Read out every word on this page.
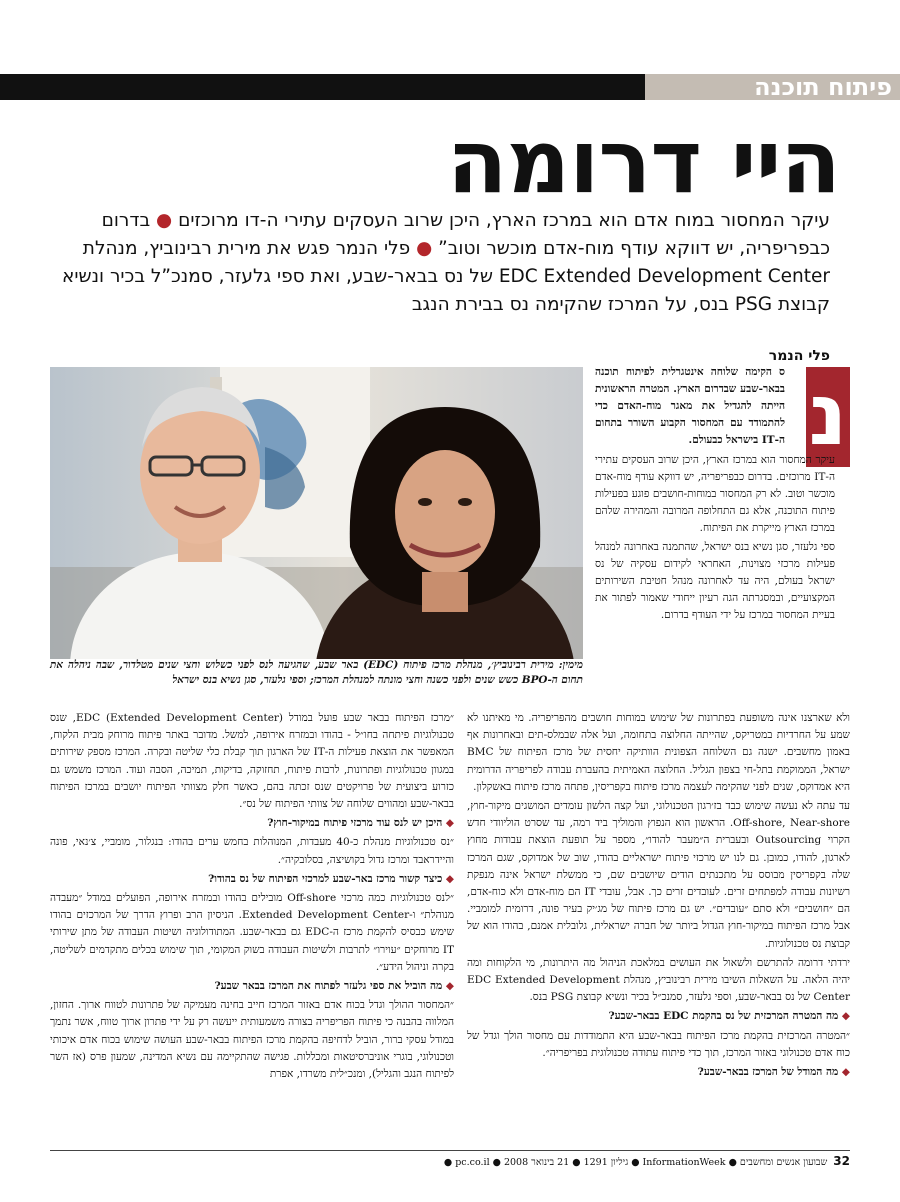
פיתוח תוכנה
היי דרומה
עיקר המחסור במוח אדם הוא במרכז הארץ, היכן שרוב העסקים עתירי ה-דו מרוכזים ● בדרום כבפריפריה, יש דווקא עודף מוח-אדם מוכשר וטוב” ● פלי הנמר פגש את מירית רבינוביץ, מנהלת EDC Extended Development Center של נס בבאר-שבע, ואת ספי גלעזר, סמנכ”ל בכיר ונשיא קבוצת PSG בנס, על המרכז שהקימה נס בבירת הנגב
פלי הנמר
מימין: מירית רבינוביץ׳, מנהלת מרכז פיתוח (EDC) באר שבע, שהגיעה לנס לפני כשלוש וחצי שנים מטלדור, שבה ניהלה את תחום ה-BPO כשש שנים ולפני כשנה וחצי מונתה למנהלת המרכז; וספי גלעזר, סגן נשיא בנס ישראל
נ

ס הקימה שלוחה אינטגרלית לפיתוח תוכנה בבאר-שבע שבדרום הארץ. המטרה הראשונית הייתה להגדיל את מאגר מוח-האדם כדי להתמודד עם המחסור הקבוע השורר בתחום ה-IT בישראל כבעולם.

עיקר המחסור הוא במרכז הארץ, היכן שרוב העסקים עתירי ה-IT מרוכזים. בדרום כבפריפריה, יש דווקא עודף מוח-אדם מוכשר וטוב. לא רק המחסור במוחות-חושבים פוגע בפעילות פיתוח התוכנה, אלא גם התחלופה המרובה והמהירה שלהם במרכז הארץ מייקרת את הפיתוח.

ספי גלעזר, סגן נשיא בנס ישראל, שהתמנה באחרונה למנהל פעילות מרכזי מצוינות, האחראי לקידום עסקיה של נס ישראל בעולם, היה עד לאחרונה מנהל חטיבת השירותים המקצועיים, ובמסגרתה הגה רעיון ייחודי שאמור לפתור את בעיית המחסור במרכז על ידי העודף בדרום.

ולא שארצנו אינה משופעת בפתרונות של שימוש במוחות חושבים מהפריפריה. מי מאיתנו לא שמע על החרדיות במטריקס, שהייתה החלוצה בתחומה, ועל אלה שבמלס-תים ובאחרונות אף באמון מחשבים. ישנה גם השלוחה הצפונית הוותיקה יחסית של מרכז הפיתוח של BMC ישראל, הממוקמת בתל-חי בצפון הגליל. החלוצה האמיתית בהעברת עבודה לפריפריה הדרומית היא אמדוקס, שנים לפני שהקימה לעצמה מרכז פיתוח בקפריסין, פתחה מרכז פיתוח באשקלון.

עד עתה לא נעשה שימוש כבד בז׳רגון הטכנולוגי, ועל קצה הלשון עומדים המושגים מיקור-חוץ, Off-shore, Near-shore. הראשון הוא הנפוץ והמוליך ביד רמה, עד שסרט הוליוודי חדש הקרוי Outsourcing ובעברית ה״מעבר להודו״, מספר על תופעת הוצאת עבודות מחוץ לארגון, להודו, כמובן. גם לנו יש מרכזי פיתוח ישראליים בהודו, שוב של אמדוקס, שגם המרכז שלה בקפריסין מבוסס על מתכנתים הודים שיושבים שם, כי ממשלת ישראל אינה מנפקת רשיונות עבודה למפתחים זרים. לעובדים זרים כך. אבל, עובדי IT הם מוח-אדם ולא כוח-אדם, הם ״חושבים״ ולא סתם ״עובדים״. יש גם מרכז פיתוח של מג׳יק בעיר פונה, דרומית למומביי. אבל מרכז הפיתוח במיקור-חוץ הגדול ביותר של חברה ישראלית, גלובלית אמנם, בהודו הוא של קבוצת נס טכנולוגיות.

ירדתי דרומה להתרשם ולשאול את העושים במלאכת הניהול מה היתרונות, מי הלקוחות ומה יהיה הלאה. על השאלות השיבו מירית רבינוביץ, מנהלת EDC Extended Development Center של נס בבאר-שבע, וספי גלעזר, סמנכ״ל בכיר ונשיא קבוצת PSG בנס.

◆ מה המטרה המרכזית של נס בהקמת EDC בבאר-שבע?

״המטרה המרכזית בהקמת מרכז הפיתוח בבאר-שבע היא התמודדות עם מחסור הולך וגדל של כוח אדם טכנולוגי באזור המרכז, תוך כדי פיתוח עתודה טכנולוגית בפריפריה״.

◆ מה המודל של המרכז בבאר-שבע?

״מרכז הפיתוח בבאר שבע פועל במודל EDC (Extended Development Center), שנס טכנולוגיות פיתחה בחו״ל - בהודו ובמזרח אירופה, למשל. מדובר באתר פיתוח מרוחק מבית הלקוח, המאפשר את הוצאת פעילות ה-IT של הארגון תוך קבלת כלי שליטה ובקרה. המרכז מספק שירותים במגוון טכנולוגיות ופתרונות, לרבות פיתוח, תחזוקה, בדיקות, תמיכה, הסבה ועוד. המרכז משמש גם כזרוע ביצועית של פרויקטים שנס זכתה בהם, כאשר חלק מצוותי הפיתוח יושבים במרכז הפיתוח בבאר-שבע ומהווים שלוחה של צוותי הפיתוח של נס״.

◆ היכן יש לנס עוד מרכזי פיתוח במיקור-חוץ?

״נס טכנולוגיות מנהלת כ-40 מעבדות, המנוהלות בחמש ערים בהודו: בנגלור, מומביי, צ׳נאי, פונה והיידראבד ומרכז גדול בקושיצה, בסלובקיה״.

◆ כיצד קשור מרכז באר-שבע למרכזי הפיתוח של נס בהודו?

״לנס טכנולוגיות כמה מרכזי Off-shore מובילים בהודו ובמזרח אירופה, הפועלים במודל ״מעבדה מנוהלת״ ו-Extended Development Center. הניסיון הרב ופרוץ הדרך של המרכזים בהודו שימש כבסיס להקמת מרכז ה-EDC גם בבאר-שבע. המתודולוגיה ושיטות העבודה של מתן שירותי IT מרוחקים ״עוירו״ לתרבות ולשיטות העבודה בשוק המקומי, תוך שימוש בכלים מתקדמים לשליטה, בקרה וניהול הידע״.

◆ מה הוביל את ספי גלעזר לפתוח את המרכז בבאר שבע?

״המחסור ההולך וגדל בכוח אדם באזור המרכז חייב בחינה מעמיקה של פתרונות לטווח ארוך. החזון, המלווה בהבנה כי פיתוח הפריפריה בצורה משמעותית ייעשה רק על ידי פתרון ארוך טווח, אשר נתמך במודל עסקי ברור, הוביל לדחיפה בהקמת מרכז הפיתוח בבאר-שבע העושה שימוש בכוח אדם איכותי וטכנולוגי, בוגרי אוניברסיטאות ומכללות. פגישה שהתקיימה עם נשיא המדינה, שמעון פרס (אז השר לפיתוח הנגב והגליל), ומנכ״לית משרדו, אפרת

32  שבועון אנשים ומחשבים ● InformationWeek ● גיליון 1291 ● 21 בינואר 2008 ● pc.co.il ●
